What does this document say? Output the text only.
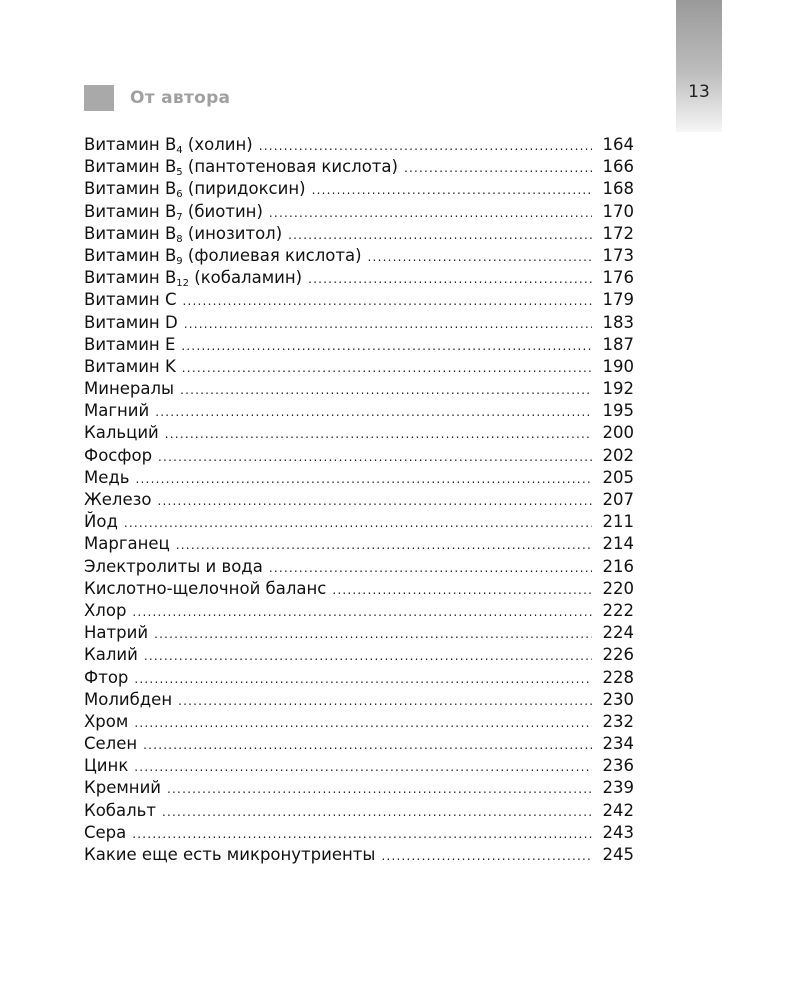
13
От автора
Витамин $B_4$ (холин) .....	164
Витамин $B_5$ (пантотеновая кислота) .....	166
Витамин $B_6$ (пиридоксин) .....	168
Витамин $B_7$ (биотин) .....	170
Витамин $B_8$ (инозитол) .....	172
Витамин $B_9$ (фолиевая кислота) .....	173
Витамин $B_{12}$ (кобаламин) .....	176
Витамин C .....	179
Витамин D .....	183
Витамин E .....	187
Витамин K .....	190
Минералы .....	192
Магний .....	195
Кальций .....	200
Фосфор .....	202
Медь .....	205
Железо .....	207
Йод .....	211
Марганец .....	214
Электролиты и вода .....	216
Кислотно-щелочной баланс .....	220
Хлор .....	222
Натрий .....	224
Калий .....	226
Фтор .....	228
Молибден .....	230
Хром .....	232
Селен .....	234
Цинк .....	236
Кремний .....	239
Кобальт .....	242
Сера .....	243
Какие еще есть микронутриенты .....	245
